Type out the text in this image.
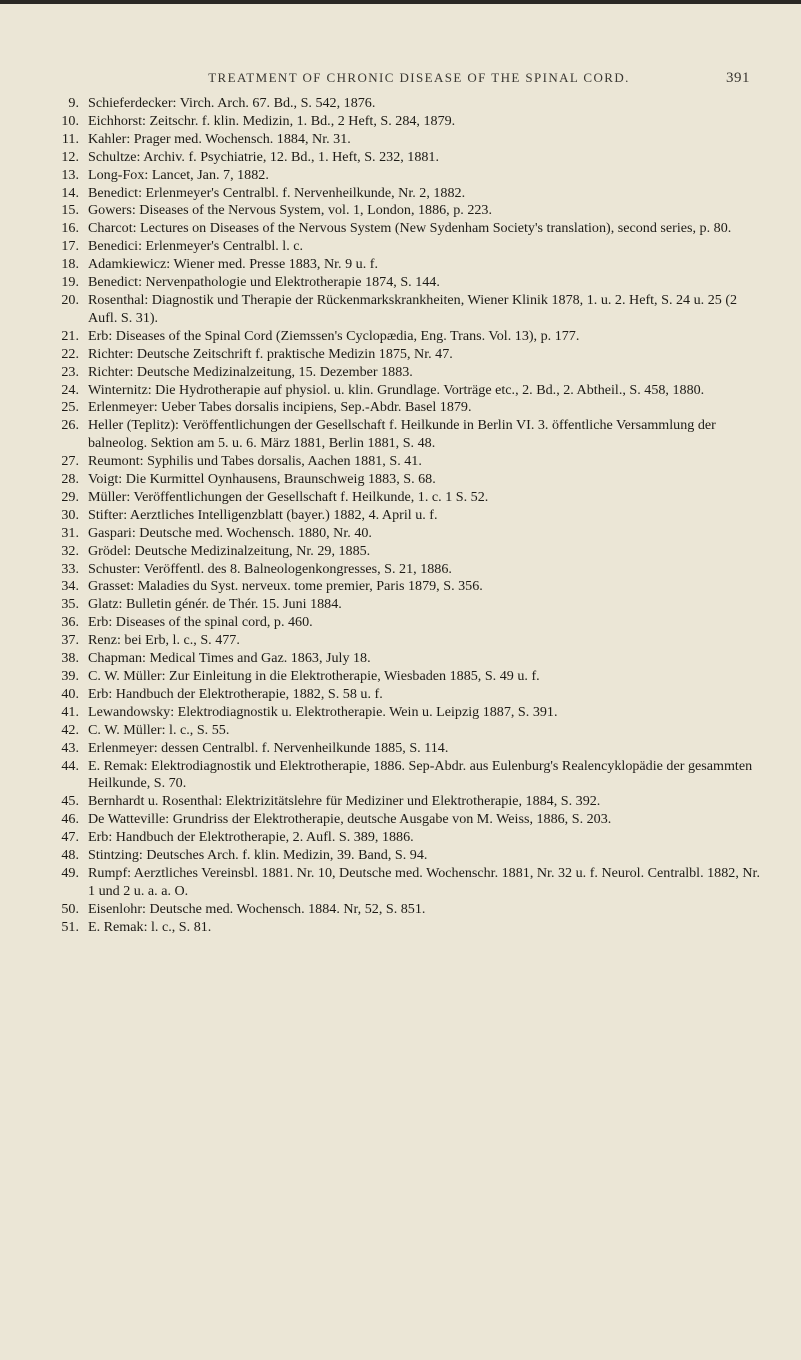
TREATMENT OF CHRONIC DISEASE OF THE SPINAL CORD.	391
9. Schieferdecker: Virch. Arch. 67. Bd., S. 542, 1876.
10. Eichhorst: Zeitschr. f. klin. Medizin, 1. Bd., 2 Heft, S. 284, 1879.
11. Kahler: Prager med. Wochensch. 1884, Nr. 31.
12. Schultze: Archiv. f. Psychiatrie, 12. Bd., 1. Heft, S. 232, 1881.
13. Long-Fox: Lancet, Jan. 7, 1882.
14. Benedict: Erlenmeyer's Centralbl. f. Nervenheilkunde, Nr. 2, 1882.
15. Gowers: Diseases of the Nervous System, vol. 1, London, 1886, p. 223.
16. Charcot: Lectures on Diseases of the Nervous System (New Sydenham Society's translation), second series, p. 80.
17. Benedici: Erlenmeyer's Centralbl. l. c.
18. Adamkiewicz: Wiener med. Presse 1883, Nr. 9 u. f.
19. Benedict: Nervenpathologie und Elektrotherapie 1874, S. 144.
20. Rosenthal: Diagnostik und Therapie der Rückenmarkskrankheiten, Wiener Klinik 1878, 1. u. 2. Heft, S. 24 u. 25 (2 Aufl. S. 31).
21. Erb: Diseases of the Spinal Cord (Ziemssen's Cyclopædia, Eng. Trans. Vol. 13), p. 177.
22. Richter: Deutsche Zeitschrift f. praktische Medizin 1875, Nr. 47.
23. Richter: Deutsche Medizinalzeitung, 15. Dezember 1883.
24. Winternitz: Die Hydrotherapie auf physiol. u. klin. Grundlage. Vorträge etc., 2. Bd., 2. Abtheil., S. 458, 1880.
25. Erlenmeyer: Ueber Tabes dorsalis incipiens, Sep.-Abdr. Basel 1879.
26. Heller (Teplitz): Veröffentlichungen der Gesellschaft f. Heilkunde in Berlin VI. 3. öffentliche Versammlung der balneolog. Sektion am 5. u. 6. März 1881, Berlin 1881, S. 48.
27. Reumont: Syphilis und Tabes dorsalis, Aachen 1881, S. 41.
28. Voigt: Die Kurmittel Oynhausens, Braunschweig 1883, S. 68.
29. Müller: Veröffentlichungen der Gesellschaft f. Heilkunde, 1. c. 1 S. 52.
30. Stifter: Aerztliches Intelligenzblatt (bayer.) 1882, 4. April u. f.
31. Gaspari: Deutsche med. Wochensch. 1880, Nr. 40.
32. Grödel: Deutsche Medizinalzeitung, Nr. 29, 1885.
33. Schuster: Veröffentl. des 8. Balneologenkongresses, S. 21, 1886.
34. Grasset: Maladies du Syst. nerveux. tome premier, Paris 1879, S. 356.
35. Glatz: Bulletin génér. de Thér. 15. Juni 1884.
36. Erb: Diseases of the spinal cord, p. 460.
37. Renz: bei Erb, l. c., S. 477.
38. Chapman: Medical Times and Gaz. 1863, July 18.
39. C. W. Müller: Zur Einleitung in die Elektrotherapie, Wiesbaden 1885, S. 49 u. f.
40. Erb: Handbuch der Elektrotherapie, 1882, S. 58 u. f.
41. Lewandowsky: Elektrodiagnostik u. Elektrotherapie. Wein u. Leipzig 1887, S. 391.
42. C. W. Müller: l. c., S. 55.
43. Erlenmeyer: dessen Centralbl. f. Nervenheilkunde 1885, S. 114.
44. E. Remak: Elektrodiagnostik und Elektrotherapie, 1886. Sep-Abdr. aus Eulenburg's Realencyklopädie der gesammten Heilkunde, S. 70.
45. Bernhardt u. Rosenthal: Elektrizitätslehre für Mediziner und Elektrotherapie, 1884, S. 392.
46. De Watteville: Grundriss der Elektrotherapie, deutsche Ausgabe von M. Weiss, 1886, S. 203.
47. Erb: Handbuch der Elektrotherapie, 2. Aufl. S. 389, 1886.
48. Stintzing: Deutsches Arch. f. klin. Medizin, 39. Band, S. 94.
49. Rumpf: Aerztliches Vereinsbl. 1881. Nr. 10, Deutsche med. Wochenschr. 1881, Nr. 32 u. f. Neurol. Centralbl. 1882, Nr. 1 und 2 u. a. a. O.
50. Eisenlohr: Deutsche med. Wochensch. 1884. Nr, 52, S. 851.
51. E. Remak: l. c., S. 81.
